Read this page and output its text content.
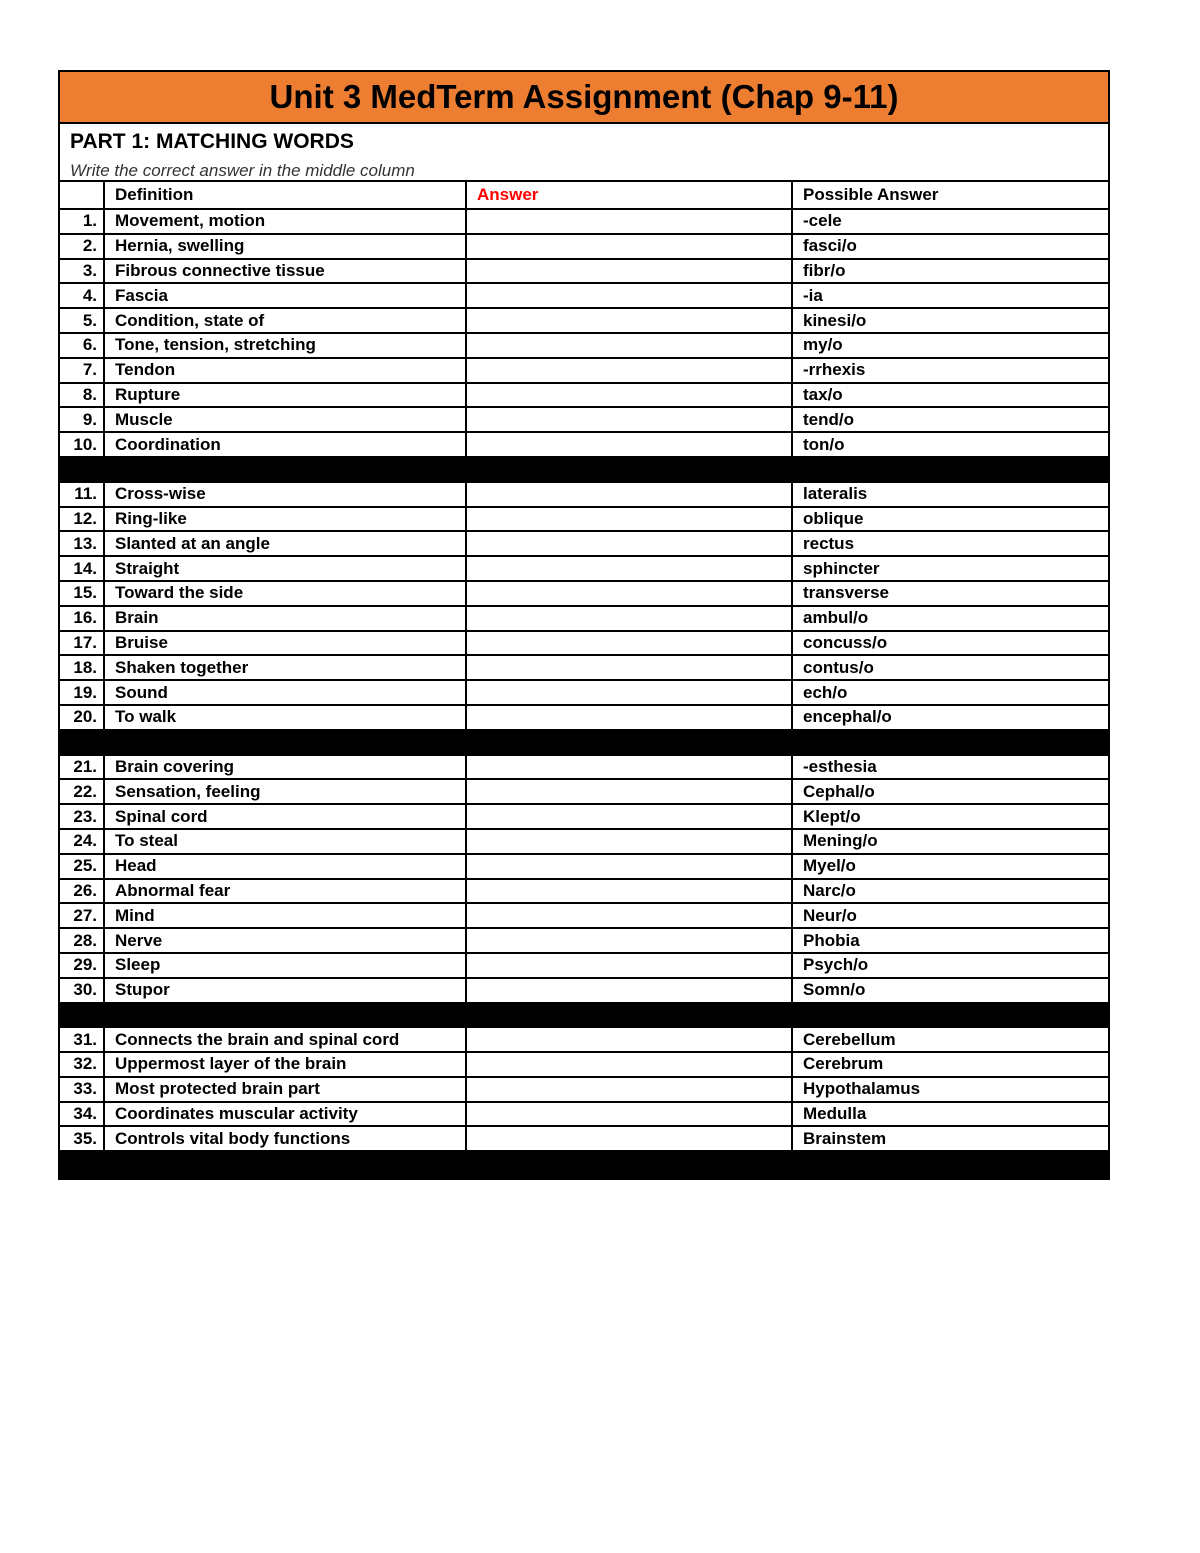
Unit 3 MedTerm Assignment (Chap 9-11)
PART 1: MATCHING WORDS
Write the correct answer in the middle column
	Definition	Answer	Possible Answer
1.	Movement, motion		-cele
2.	Hernia, swelling		fasci/o
3.	Fibrous connective tissue		fibr/o
4.	Fascia		-ia
5.	Condition, state of		kinesi/o
6.	Tone, tension, stretching		my/o
7.	Tendon		-rrhexis
8.	Rupture		tax/o
9.	Muscle		tend/o
10.	Coordination		ton/o

11.	Cross-wise		lateralis
12.	Ring-like		oblique
13.	Slanted at an angle		rectus
14.	Straight		sphincter
15.	Toward the side		transverse
16.	Brain		ambul/o
17.	Bruise		concuss/o
18.	Shaken together		contus/o
19.	Sound		ech/o
20.	To walk		encephal/o

21.	Brain covering		-esthesia
22.	Sensation, feeling		Cephal/o
23.	Spinal cord		Klept/o
24.	To steal		Mening/o
25.	Head		Myel/o
26.	Abnormal fear		Narc/o
27.	Mind		Neur/o
28.	Nerve		Phobia
29.	Sleep		Psych/o
30.	Stupor		Somn/o

31.	Connects the brain and spinal cord		Cerebellum
32.	Uppermost layer of the brain		Cerebrum
33.	Most protected brain part		Hypothalamus
34.	Coordinates muscular activity		Medulla
35.	Controls vital body functions		Brainstem
